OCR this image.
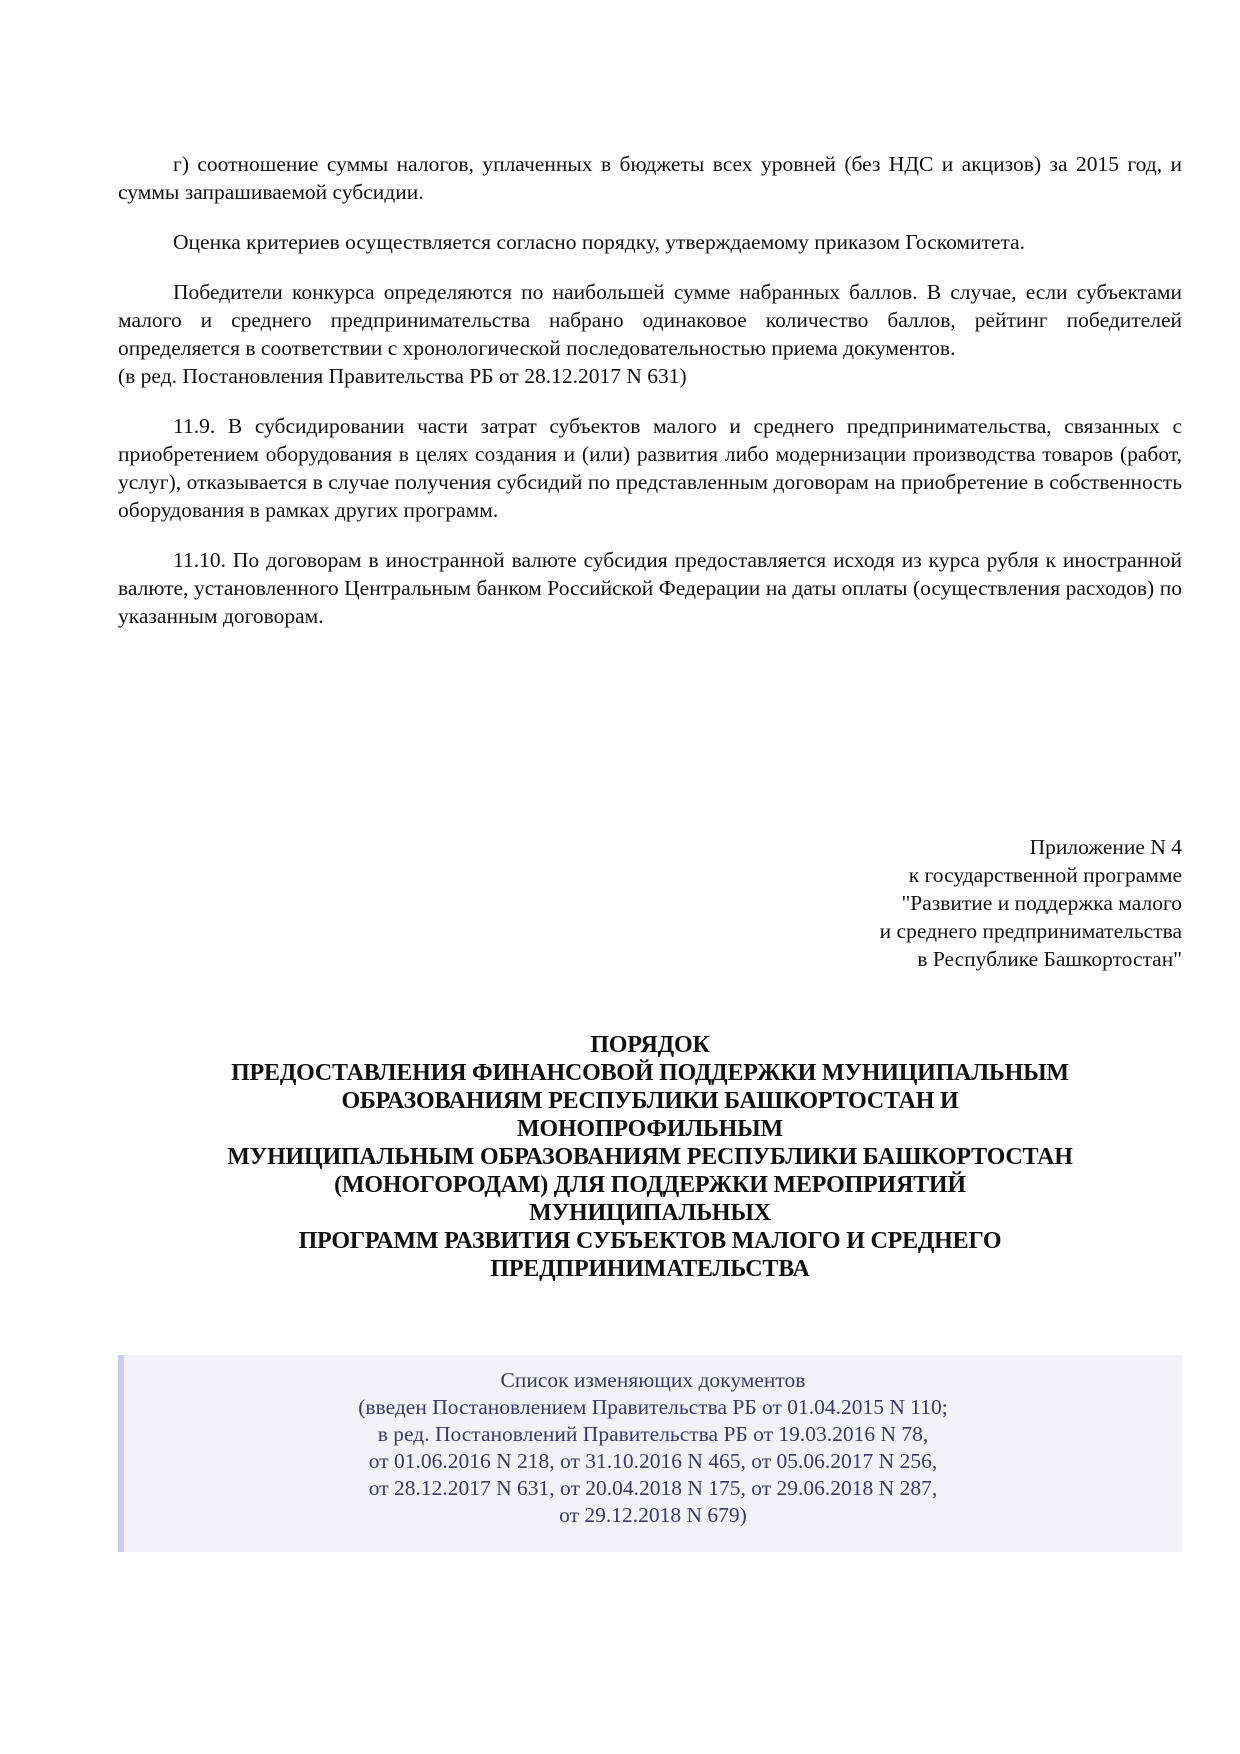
г) соотношение суммы налогов, уплаченных в бюджеты всех уровней (без НДС и акцизов) за 2015 год, и суммы запрашиваемой субсидии.

Оценка критериев осуществляется согласно порядку, утверждаемому приказом Госкомитета.

Победители конкурса определяются по наибольшей сумме набранных баллов. В случае, если субъектами малого и среднего предпринимательства набрано одинаковое количество баллов, рейтинг победителей определяется в соответствии с хронологической последовательностью приема документов.

(в ред. Постановления Правительства РБ от 28.12.2017 N 631)

11.9. В субсидировании части затрат субъектов малого и среднего предпринимательства, связанных с приобретением оборудования в целях создания и (или) развития либо модернизации производства товаров (работ, услуг), отказывается в случае получения субсидий по представленным договорам на приобретение в собственность оборудования в рамках других программ.

11.10. По договорам в иностранной валюте субсидия предоставляется исходя из курса рубля к иностранной валюте, установленного Центральным банком Российской Федерации на даты оплаты (осуществления расходов) по указанным договорам.

Приложение N 4
к государственной программе
"Развитие и поддержка малого
и среднего предпринимательства
в Республике Башкортостан"
ПОРЯДОК
ПРЕДОСТАВЛЕНИЯ ФИНАНСОВОЙ ПОДДЕРЖКИ МУНИЦИПАЛЬНЫМ
ОБРАЗОВАНИЯМ РЕСПУБЛИКИ БАШКОРТОСТАН И
МОНОПРОФИЛЬНЫМ
МУНИЦИПАЛЬНЫМ ОБРАЗОВАНИЯМ РЕСПУБЛИКИ БАШКОРТОСТАН
(МОНОГОРОДАМ) ДЛЯ ПОДДЕРЖКИ МЕРОПРИЯТИЙ
МУНИЦИПАЛЬНЫХ
ПРОГРАММ РАЗВИТИЯ СУБЪЕКТОВ МАЛОГО И СРЕДНЕГО
ПРЕДПРИНИМАТЕЛЬСТВА
Список изменяющих документов
(введен Постановлением Правительства РБ от 01.04.2015 N 110;
в ред. Постановлений Правительства РБ от 19.03.2016 N 78,
от 01.06.2016 N 218, от 31.10.2016 N 465, от 05.06.2017 N 256,
от 28.12.2017 N 631, от 20.04.2018 N 175, от 29.06.2018 N 287,
от 29.12.2018 N 679)
